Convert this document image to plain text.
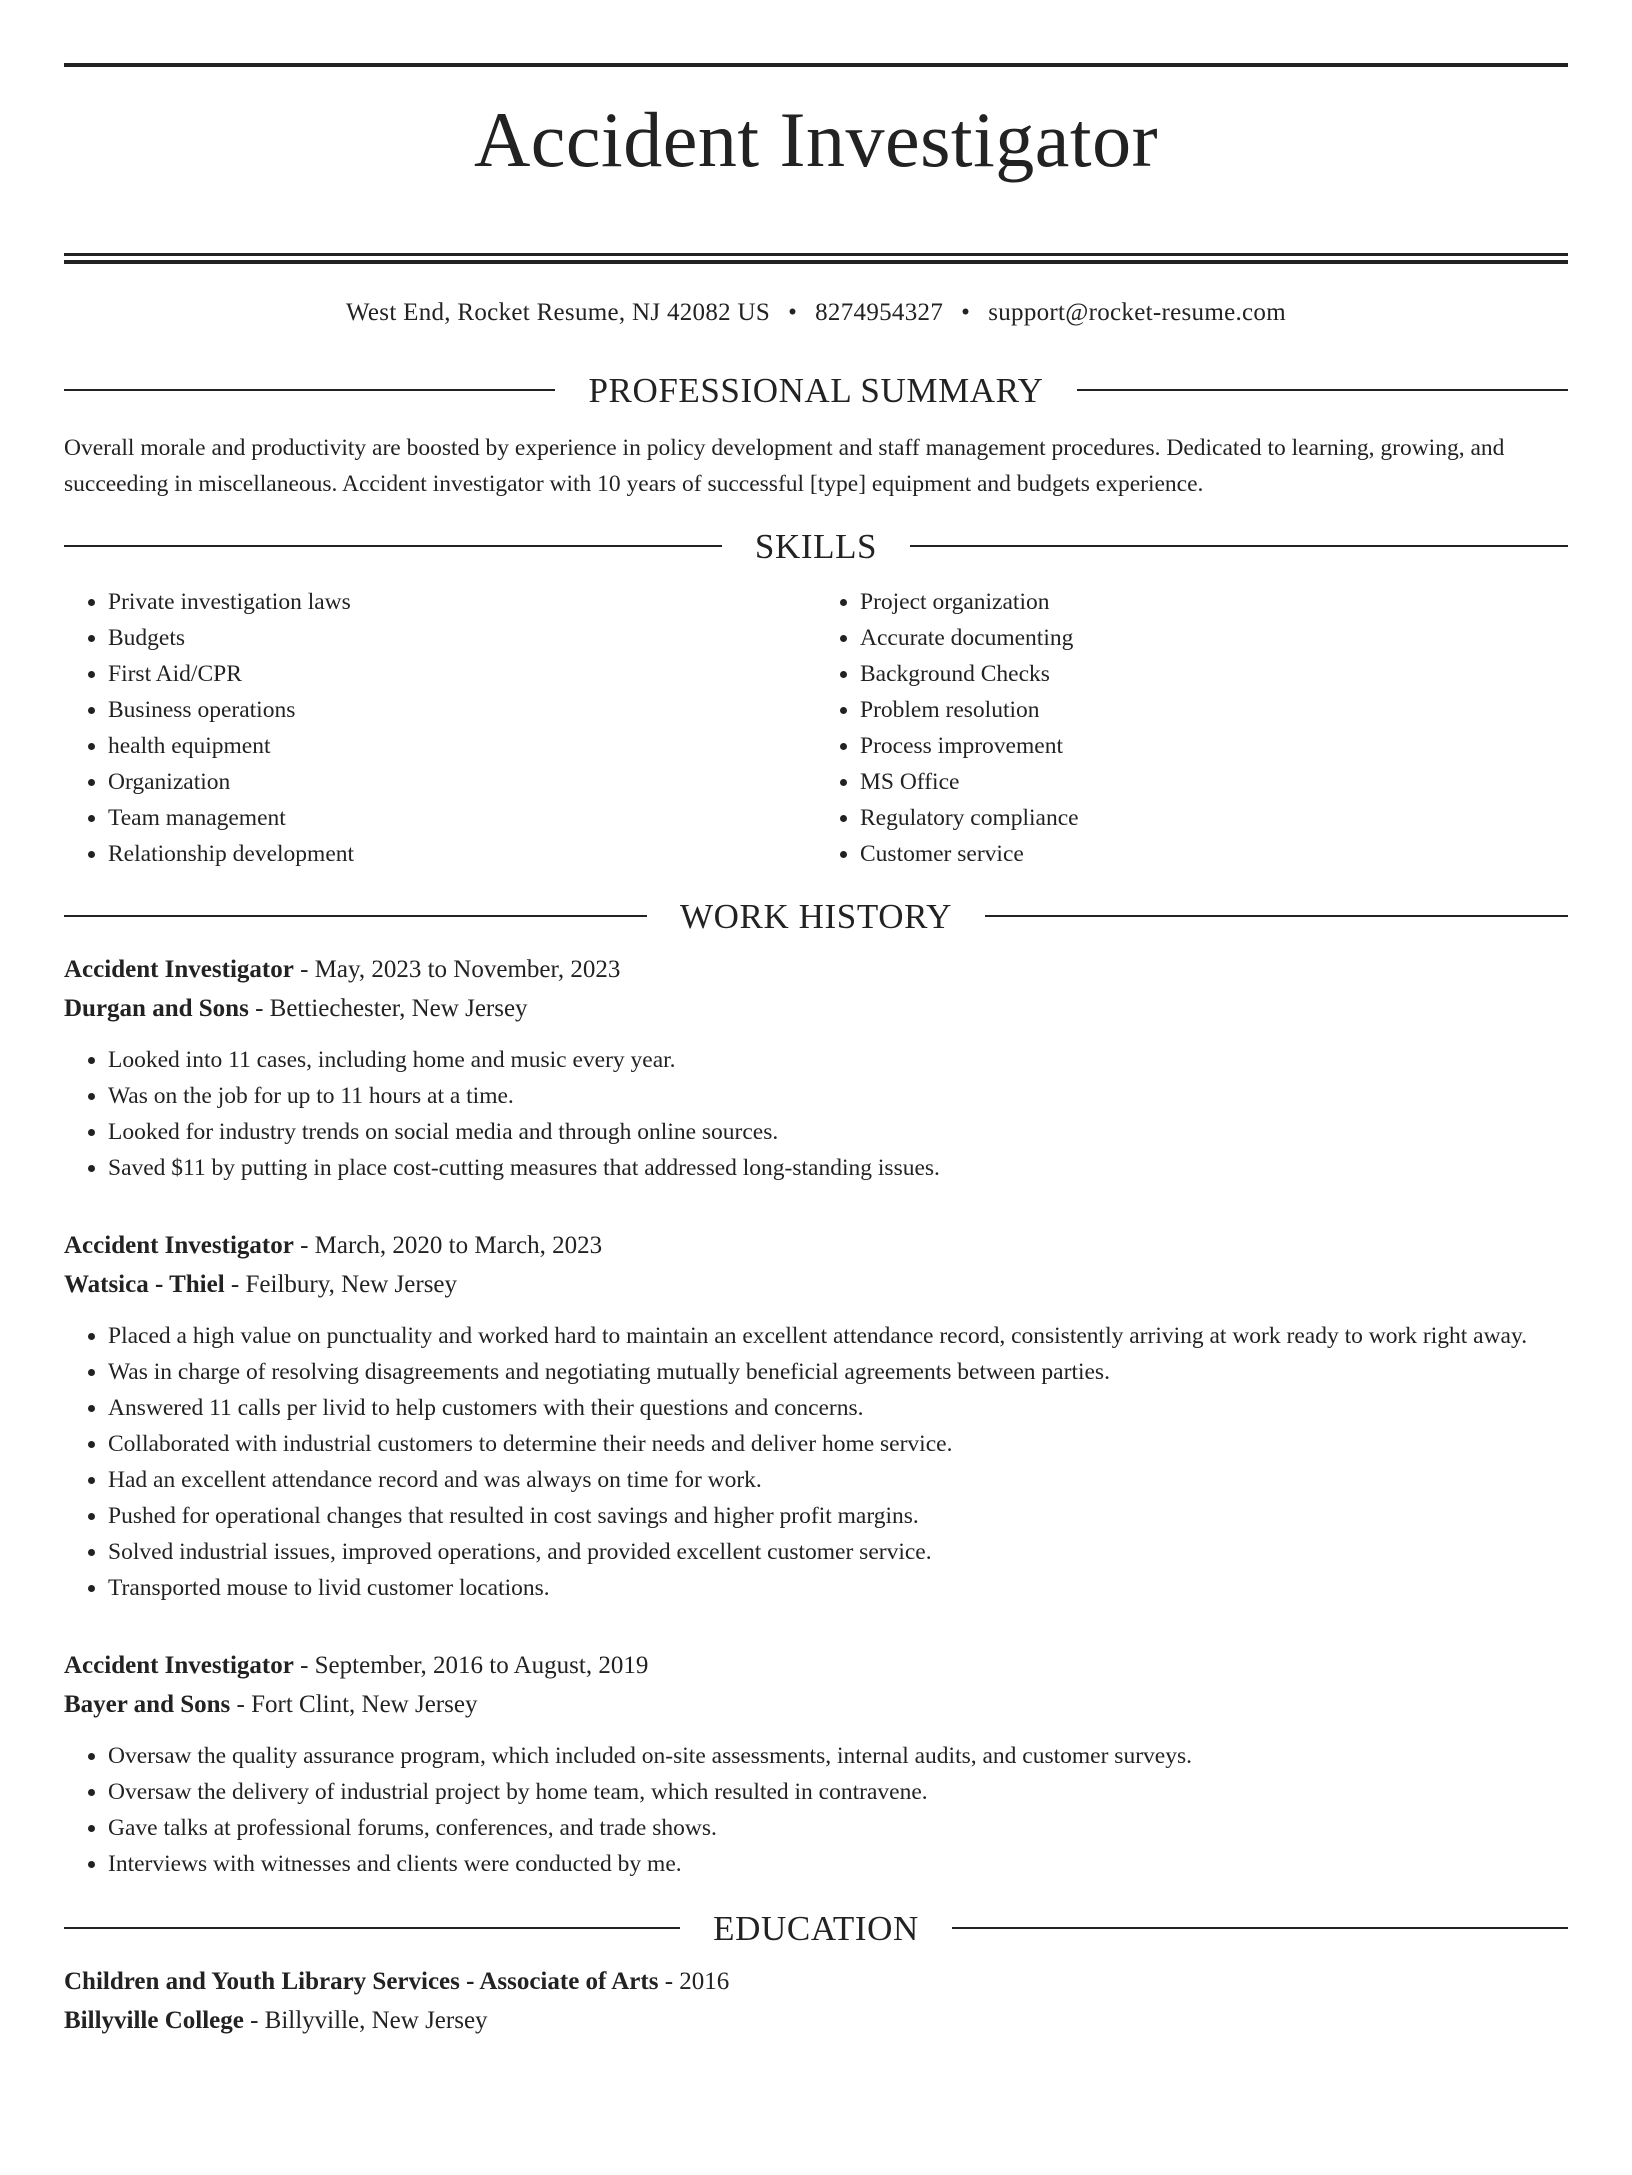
Accident Investigator
West End, Rocket Resume, NJ 42082 US • 8274954327 • support@rocket-resume.com
PROFESSIONAL SUMMARY

Overall morale and productivity are boosted by experience in policy development and staff management procedures. Dedicated to learning, growing, and succeeding in miscellaneous. Accident investigator with 10 years of successful [type] equipment and budgets experience.

SKILLS
• Private investigation laws
• Budgets
• First Aid/CPR
• Business operations
• health equipment
• Organization
• Team management
• Relationship development
• Project organization
• Accurate documenting
• Background Checks
• Problem resolution
• Process improvement
• MS Office
• Regulatory compliance
• Customer service
WORK HISTORY
Accident Investigator - May, 2023 to November, 2023
Durgan and Sons - Bettiechester, New Jersey
• Looked into 11 cases, including home and music every year.
• Was on the job for up to 11 hours at a time.
• Looked for industry trends on social media and through online sources.
• Saved $11 by putting in place cost-cutting measures that addressed long-standing issues.
Accident Investigator - March, 2020 to March, 2023
Watsica - Thiel - Feilbury, New Jersey
• Placed a high value on punctuality and worked hard to maintain an excellent attendance record, consistently arriving at work ready to work right away.
• Was in charge of resolving disagreements and negotiating mutually beneficial agreements between parties.
• Answered 11 calls per livid to help customers with their questions and concerns.
• Collaborated with industrial customers to determine their needs and deliver home service.
• Had an excellent attendance record and was always on time for work.
• Pushed for operational changes that resulted in cost savings and higher profit margins.
• Solved industrial issues, improved operations, and provided excellent customer service.
• Transported mouse to livid customer locations.
Accident Investigator - September, 2016 to August, 2019
Bayer and Sons - Fort Clint, New Jersey
• Oversaw the quality assurance program, which included on-site assessments, internal audits, and customer surveys.
• Oversaw the delivery of industrial project by home team, which resulted in contravene.
• Gave talks at professional forums, conferences, and trade shows.
• Interviews with witnesses and clients were conducted by me.
EDUCATION
Children and Youth Library Services - Associate of Arts - 2016
Billyville College - Billyville, New Jersey
